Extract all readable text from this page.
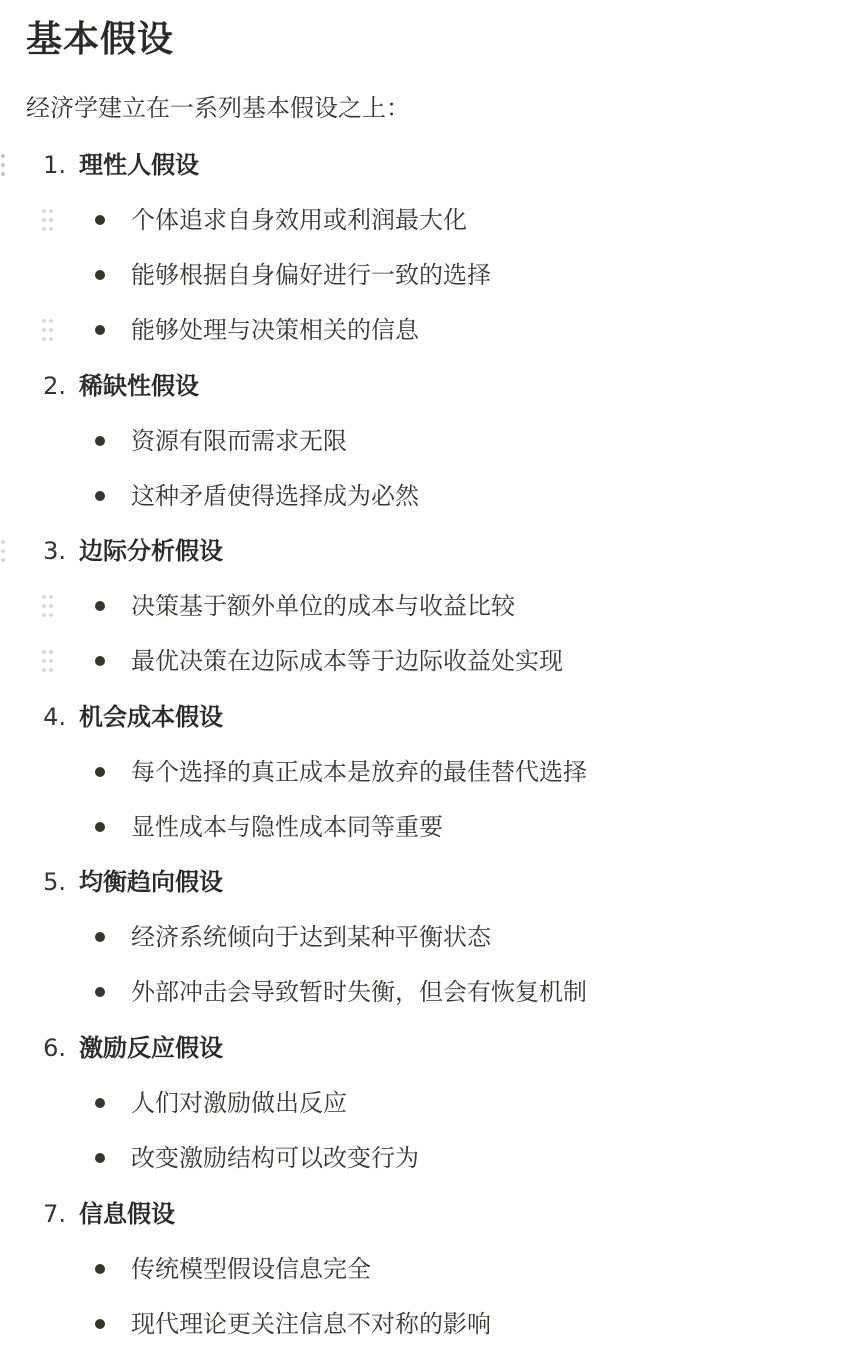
基本假设
经济学建立在一系列基本假设之上：
1. 理性人假设
个体追求自身效用或利润最大化
能够根据自身偏好进行一致的选择
能够处理与决策相关的信息
2. 稀缺性假设
资源有限而需求无限
这种矛盾使得选择成为必然
3. 边际分析假设
决策基于额外单位的成本与收益比较
最优决策在边际成本等于边际收益处实现
4. 机会成本假设
每个选择的真正成本是放弃的最佳替代选择
显性成本与隐性成本同等重要
5. 均衡趋向假设
经济系统倾向于达到某种平衡状态
外部冲击会导致暂时失衡，但会有恢复机制
6. 激励反应假设
人们对激励做出反应
改变激励结构可以改变行为
7. 信息假设
传统模型假设信息完全
现代理论更关注信息不对称的影响
